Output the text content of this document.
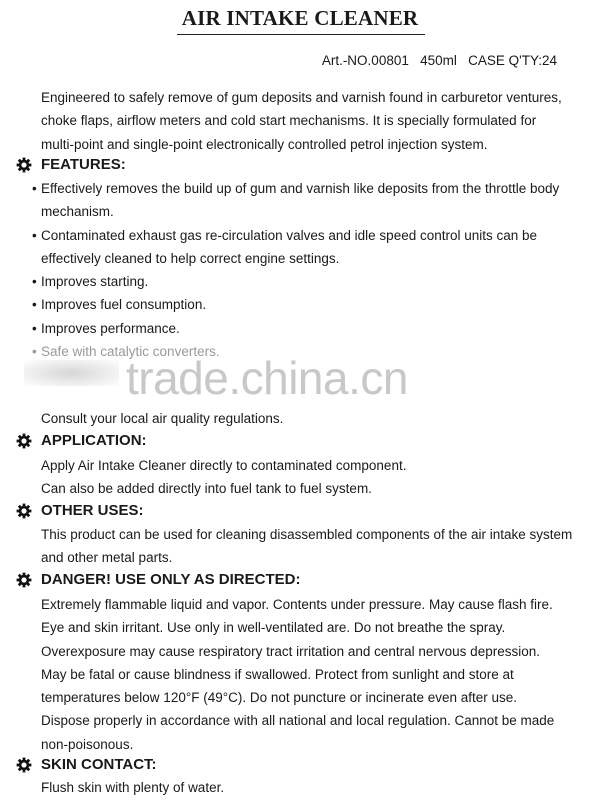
AIR INTAKE CLEANER
Art.-NO.00801   450ml   CASE Q'TY:24
Engineered to safely remove of gum deposits and varnish found in carburetor ventures,
choke flaps, airflow meters and cold start mechanisms. It is specially formulated for
multi-point and single-point electronically controlled petrol injection system.
FEATURES:
• Effectively removes the build up of gum and varnish like deposits from the throttle body
mechanism.
• Contaminated exhaust gas re-circulation valves and idle speed control units can be
effectively cleaned to help correct engine settings.
• Improves starting.
• Improves fuel consumption.
• Improves performance.
• Safe with catalytic converters.
trade.china.cn
Consult your local air quality regulations.
APPLICATION:
Apply Air Intake Cleaner directly to contaminated component.
Can also be added directly into fuel tank to fuel system.
OTHER USES:
This product can be used for cleaning disassembled components of the air intake system
and other metal parts.
DANGER! USE ONLY AS DIRECTED:
Extremely flammable liquid and vapor. Contents under pressure. May cause flash fire.
Eye and skin irritant. Use only in well-ventilated are. Do not breathe the spray.
Overexposure may cause respiratory tract irritation and central nervous depression.
May be fatal or cause blindness if swallowed. Protect from sunlight and store at
temperatures below 120°F (49°C). Do not puncture or incinerate even after use.
Dispose properly in accordance with all national and local regulation. Cannot be made
non-poisonous.
SKIN CONTACT:
Flush skin with plenty of water.
